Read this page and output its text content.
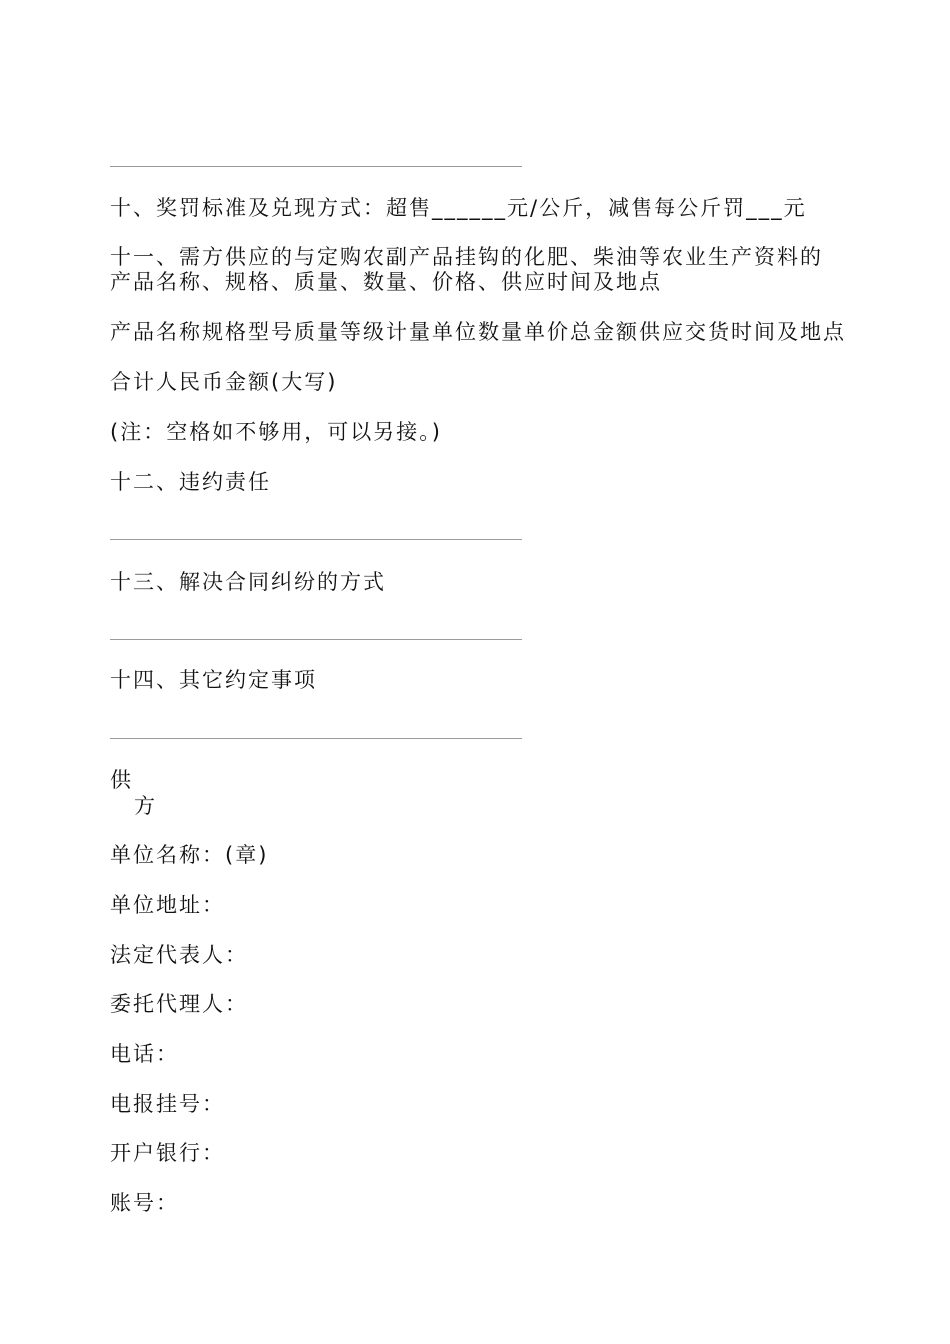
十、奖罚标准及兑现方式：超售______元/公斤，减售每公斤罚___元
十一、需方供应的与定购农副产品挂钩的化肥、柴油等农业生产资料的产品名称、规格、质量、数量、价格、供应时间及地点
产品名称规格型号质量等级计量单位数量单价总金额供应交货时间及地点
合计人民币金额(大写)
(注：空格如不够用，可以另接。)
十二、违约责任
十三、解决合同纠纷的方式
十四、其它约定事项
供
方
单位名称：(章)
单位地址：
法定代表人：
委托代理人：
电话：
电报挂号：
开户银行：
账号：
